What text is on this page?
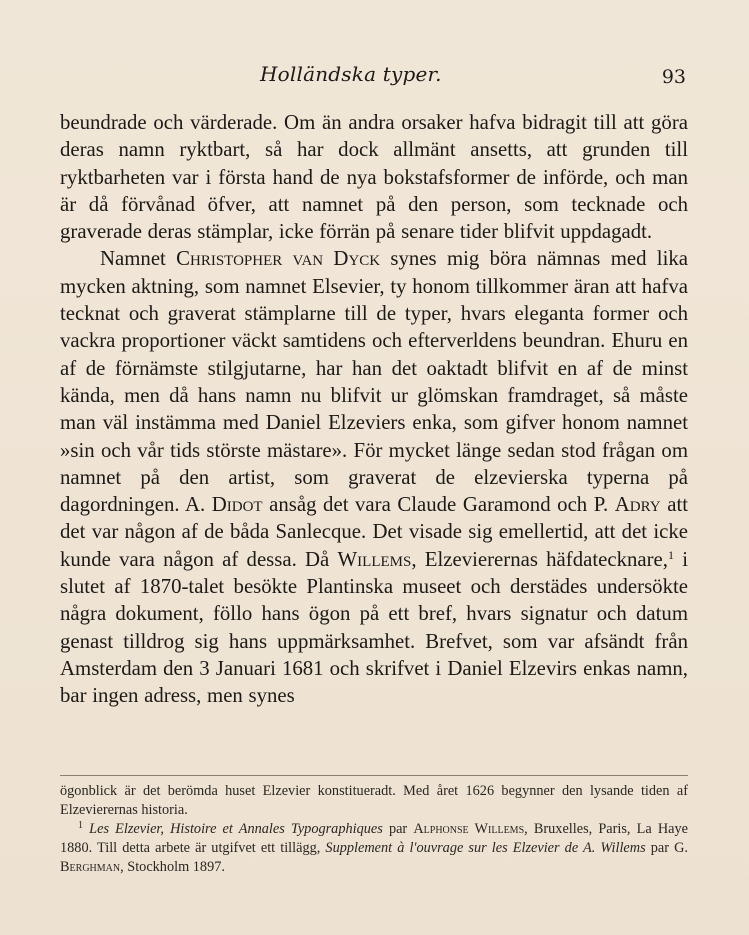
Holländska typer.	93

beundrade och värderade. Om än andra orsaker hafva bidragit till att göra deras namn ryktbart, så har dock allmänt ansetts, att grunden till ryktbarheten var i första hand de nya bokstafsformer de införde, och man är då förvånad öfver, att namnet på den person, som tecknade och graverade deras stämplar, icke förrän på senare tider blifvit uppdagadt.

Namnet Christopher van Dyck synes mig böra nämnas med lika mycken aktning, som namnet Elsevier, ty honom tillkommer äran att hafva tecknat och graverat stämplarne till de typer, hvars eleganta former och vackra proportioner väckt samtidens och efterverldens beundran. Ehuru en af de förnämste stilgjutarne, har han det oaktadt blifvit en af de minst kända, men då hans namn nu blifvit ur glömskan framdraget, så måste man väl instämma med Daniel Elzeviers enka, som gifver honom namnet »sin och vår tids störste mästare». För mycket länge sedan stod frågan om namnet på den artist, som graverat de elzevierska typerna på dagordningen. A. Didot ansåg det vara Claude Garamond och P. Adry att det var någon af de båda Sanlecque. Det visade sig emellertid, att det icke kunde vara någon af dessa. Då Willems, Elzevierernas häfdatecknare,$^1$ i slutet af 1870-talet besökte Plantinska museet och derstädes undersökte några dokument, föllo hans ögon på ett bref, hvars signatur och datum genast tilldrog sig hans uppmärksamhet. Brefvet, som var afsändt från Amsterdam den 3 Januari 1681 och skrifvet i Daniel Elzevirs enkas namn, bar ingen adress, men synes

ögonblick är det berömda huset Elzevier konstitueradt. Med året 1626 begynner den lysande tiden af Elzevierernas historia.

$^1$ Les Elzevier, Histoire et Annales Typographiques par Alphonse Willems, Bruxelles, Paris, La Haye 1880. Till detta arbete är utgifvet ett tillägg, Supplement à l'ouvrage sur les Elzevier de A. Willems par G. Berghman, Stockholm 1897.
